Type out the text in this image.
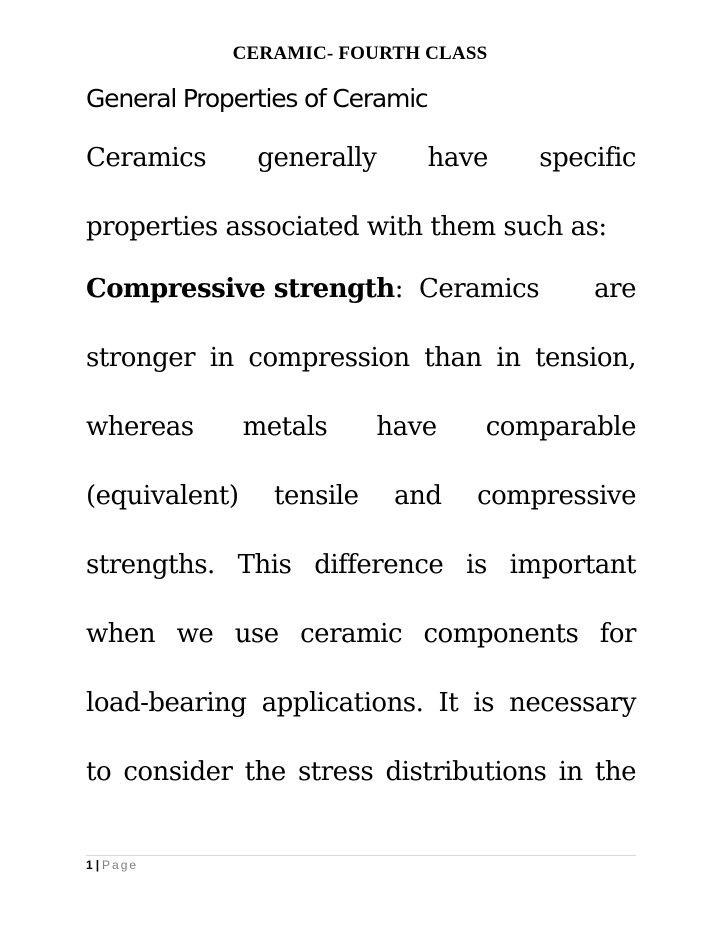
CERAMIC- FOURTH CLASS
General Properties of Ceramic
Ceramics generally have specific
properties associated with them such as:
Compressive strength: Ceramics are
stronger in compression than in tension,
whereas metals have comparable
(equivalent) tensile and compressive
strengths. This difference is important
when we use ceramic components for
load-bearing applications. It is necessary
to consider the stress distributions in the
1 | Page
